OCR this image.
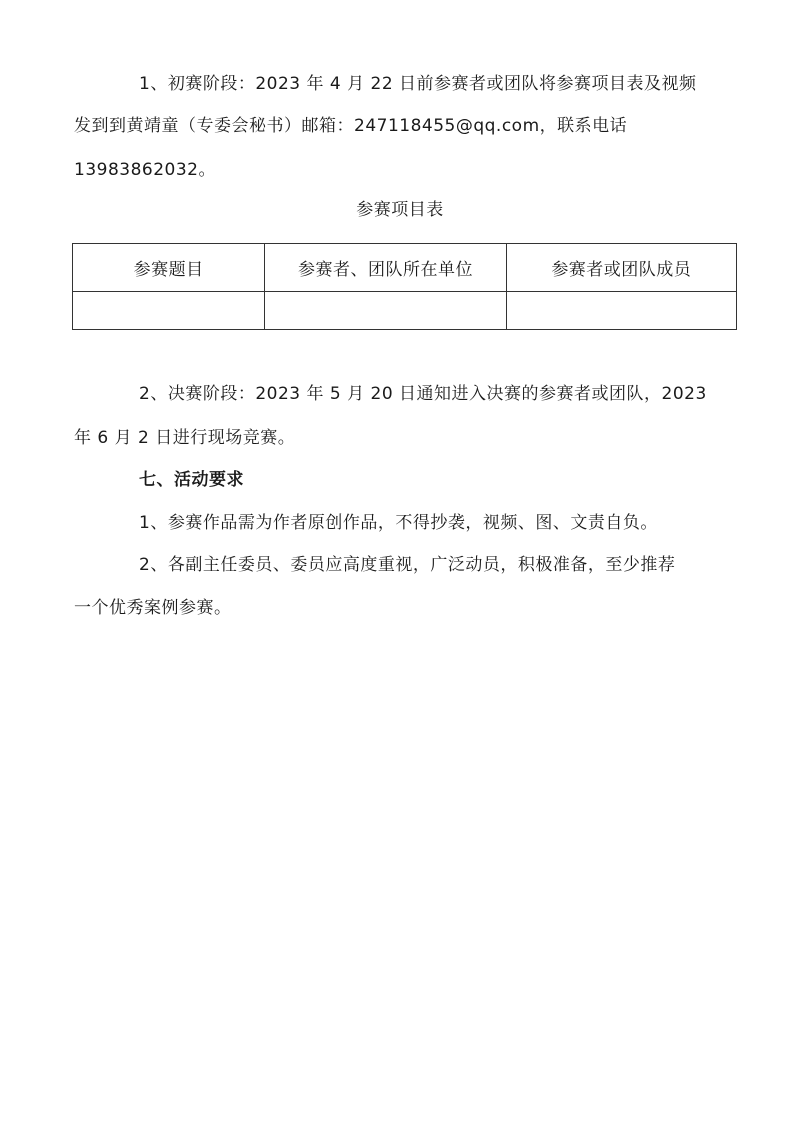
1、初赛阶段：2023 年 4 月 22 日前参赛者或团队将参赛项目表及视频
发到到黄靖童（专委会秘书）邮箱：247118455@qq.com，联系电话
13983862032。
参赛项目表
参赛题目	参赛者、团队所在单位	参赛者或团队成员

2、决赛阶段：2023 年 5 月 20 日通知进入决赛的参赛者或团队，2023
年 6 月 2 日进行现场竞赛。
七、活动要求
1、参赛作品需为作者原创作品，不得抄袭，视频、图、文责自负。
2、各副主任委员、委员应高度重视，广泛动员，积极准备，至少推荐
一个优秀案例参赛。
